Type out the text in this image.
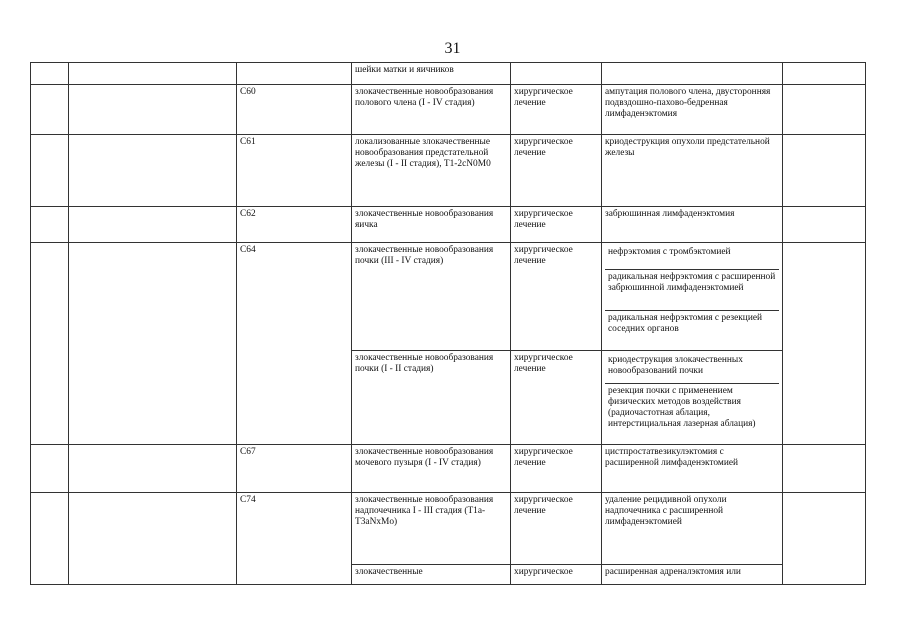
31
			шейки матки и яичников			
		C60	злокачественные новообразования полового члена (I - IV стадия)	хирургическое лечение	ампутация полового члена, двусторонняя подвздошно-пахово-бедренная лимфаденэктомия	
		C61	локализованные злокачественные новообразования предстательной железы (I - II стадия), T1-2cN0M0	хирургическое лечение	криодеструкция опухоли предстательной железы	
		C62	злокачественные новообразования яичка	хирургическое лечение	забрюшинная лимфаденэктомия	
		C64	злокачественные новообразования почки (III - IV стадия)	хирургическое лечение	нефрэктомия с тромбэктомией
радикальная нефрэктомия с расширенной забрюшинной лимфаденэктомией
радикальная нефрэктомия с резекцией соседних органов	

			злокачественные новообразования почки (I - II стадия)	хирургическое лечение	криодеструкция злокачественных новообразований почки
резекция почки с применением физических методов воздействия (радиочастотная аблация, интерстициальная лазерная аблация)	

		C67	злокачественные новообразования мочевого пузыря (I - IV стадия)	хирургическое лечение	цистпростатвезикулэктомия с расширенной лимфаденэктомией	
		C74	злокачественные новообразования надпочечника I - III стадия (T1a-T3aNxMo)	хирургическое лечение	удаление рецидивной опухоли надпочечника с расширенной лимфаденэктомией	
			злокачественные	хирургическое	расширенная адреналэктомия или	
